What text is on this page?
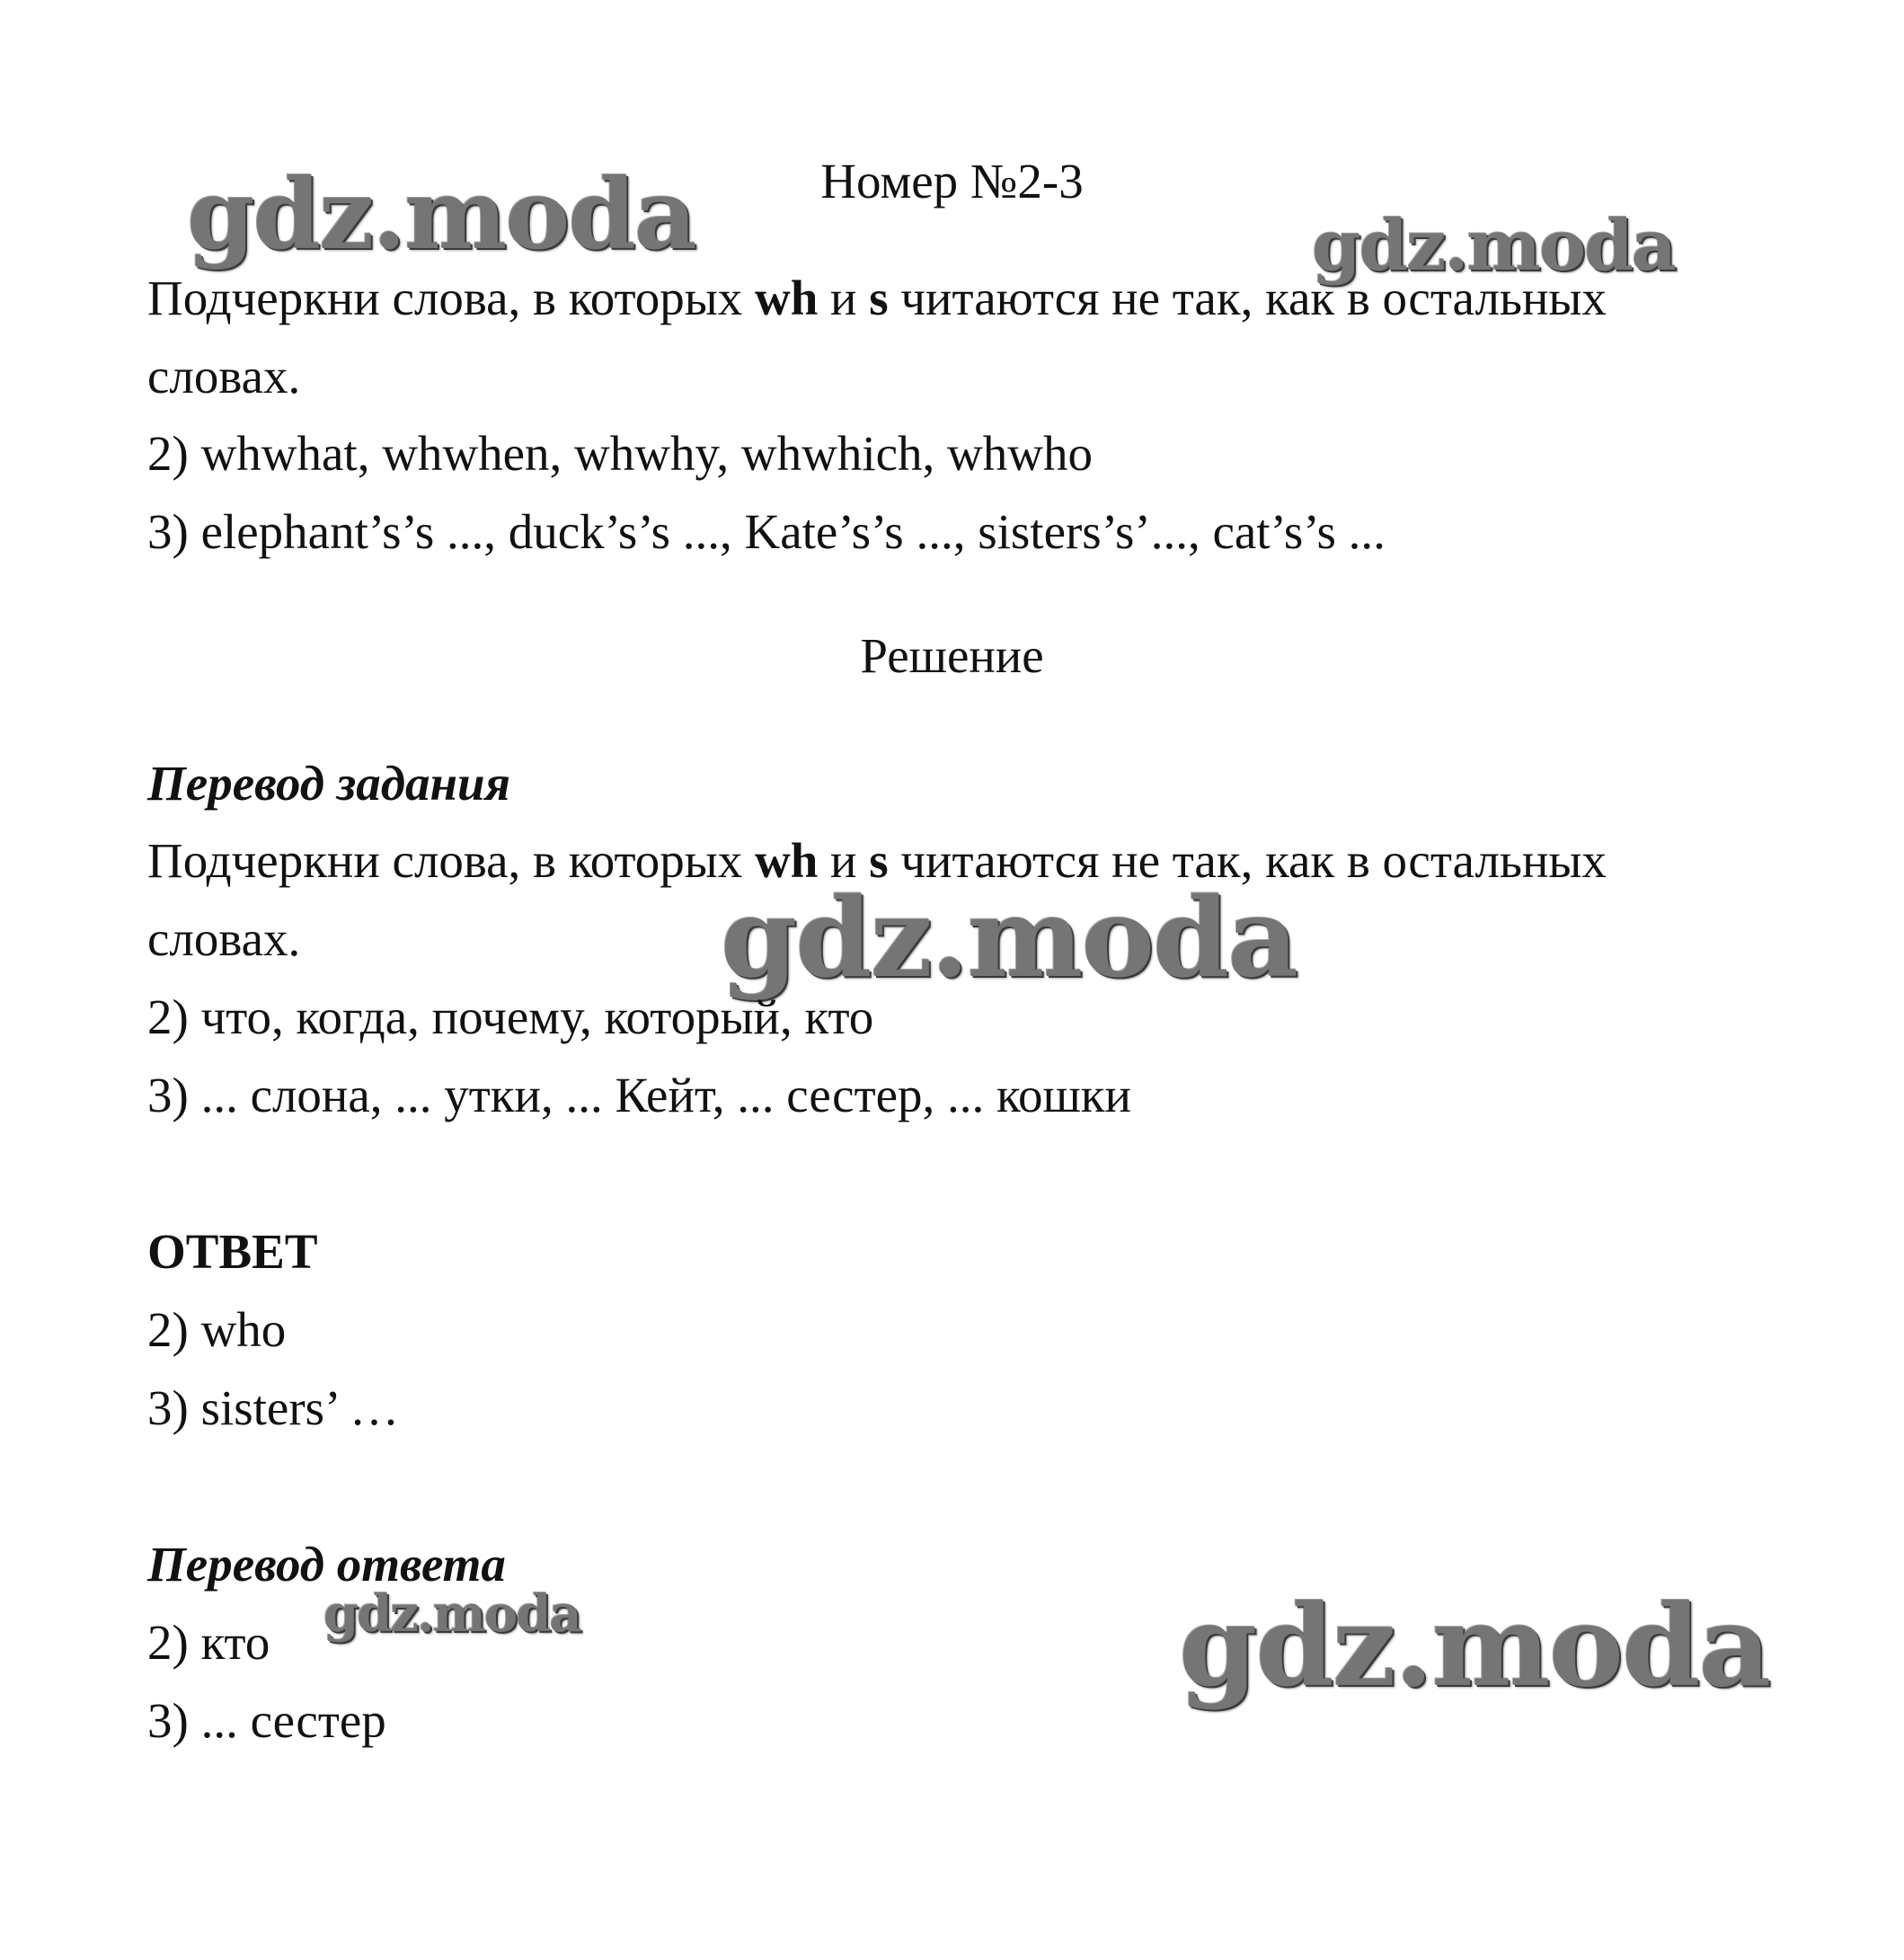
gdz.moda	gdz.moda
gdz.moda
gdz.moda	gdz.moda
Номер №2-3
Подчеркни слова, в которых wh и s читаются не так, как в остальных
словах.
2) whwhat, whwhen, whwhy, whwhich, whwho
3) elephant’s’s ..., duck’s’s ..., Kate’s’s ..., sisters’s’..., cat’s’s ...
Решение
Перевод задания
Подчеркни слова, в которых wh и s читаются не так, как в остальных
словах.
2) что, когда, почему, который, кто
3) ... слона, ... утки, ... Кейт, ... сестер, ... кошки
ОТВЕТ
2) who
3) sisters’ …
Перевод ответа
2) кто
3) ... сестер
